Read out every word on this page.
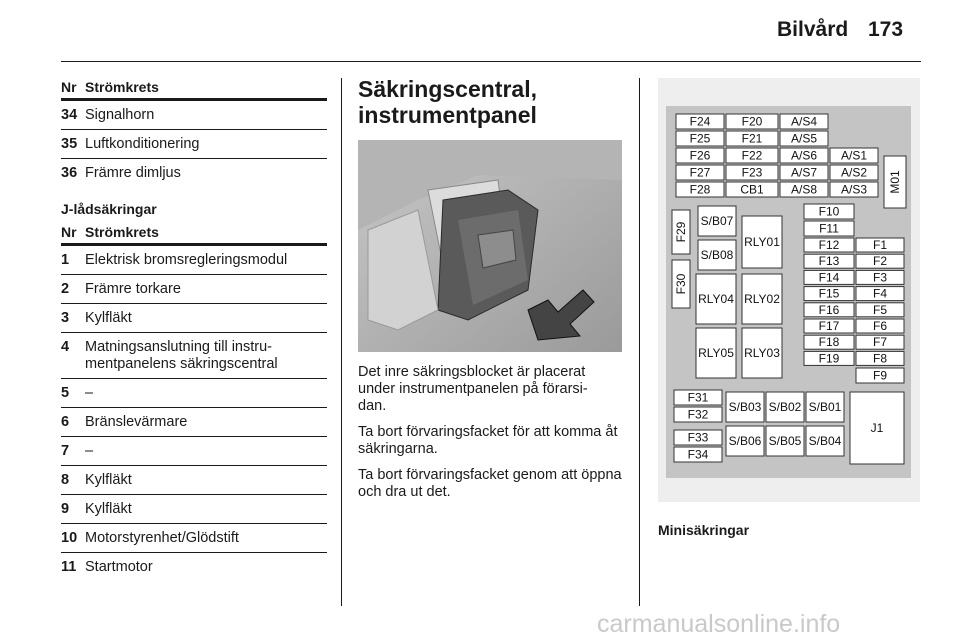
Bilvård 173
Nr Strömkrets
34 Signalhorn
35 Luftkonditionering
36 Främre dimljus
J-lådsäkringar
Nr Strömkrets
1	Elektrisk bromsregleringsmodul
2	Främre torkare
3	Kylfläkt
4	Matningsanslutning till instru-
mentpanelens säkringscentral
5	–
6	Bränslevärmare
7	–
8	Kylfläkt
9	Kylfläkt
10 Motorstyrenhet/Glödstift
11 Startmotor
Säkringscentral,
instrumentpanel

Det inre säkringsblocket är placerat under instrumentpanelen på förarsi-
dan.

Ta bort förvaringsfacket för att komma åt säkringarna.

Ta bort förvaringsfacket genom att öppna och dra ut det.

F24	F20 A/S4
F25	F21 A/S5
F26	F22 A/S6 A/S1
F27	F23 A/S7 A/S2
F28 CB1 A/S8 A/S3 M01
F29
F30
S/B07
S/B08
RLY01
RLY02
RLY04
RLY05 RLY03
F10
F11
F12	F1
F13	F2
F14	F3
F15	F4
F16	F5
F17	F6
F18	F7
F19	F8
F9
F31
F32
F33
F34
S/B03 S/B02 S/B01
S/B06 S/B05 S/B04
J1
Minisäkringar
carmanualsonline.info
